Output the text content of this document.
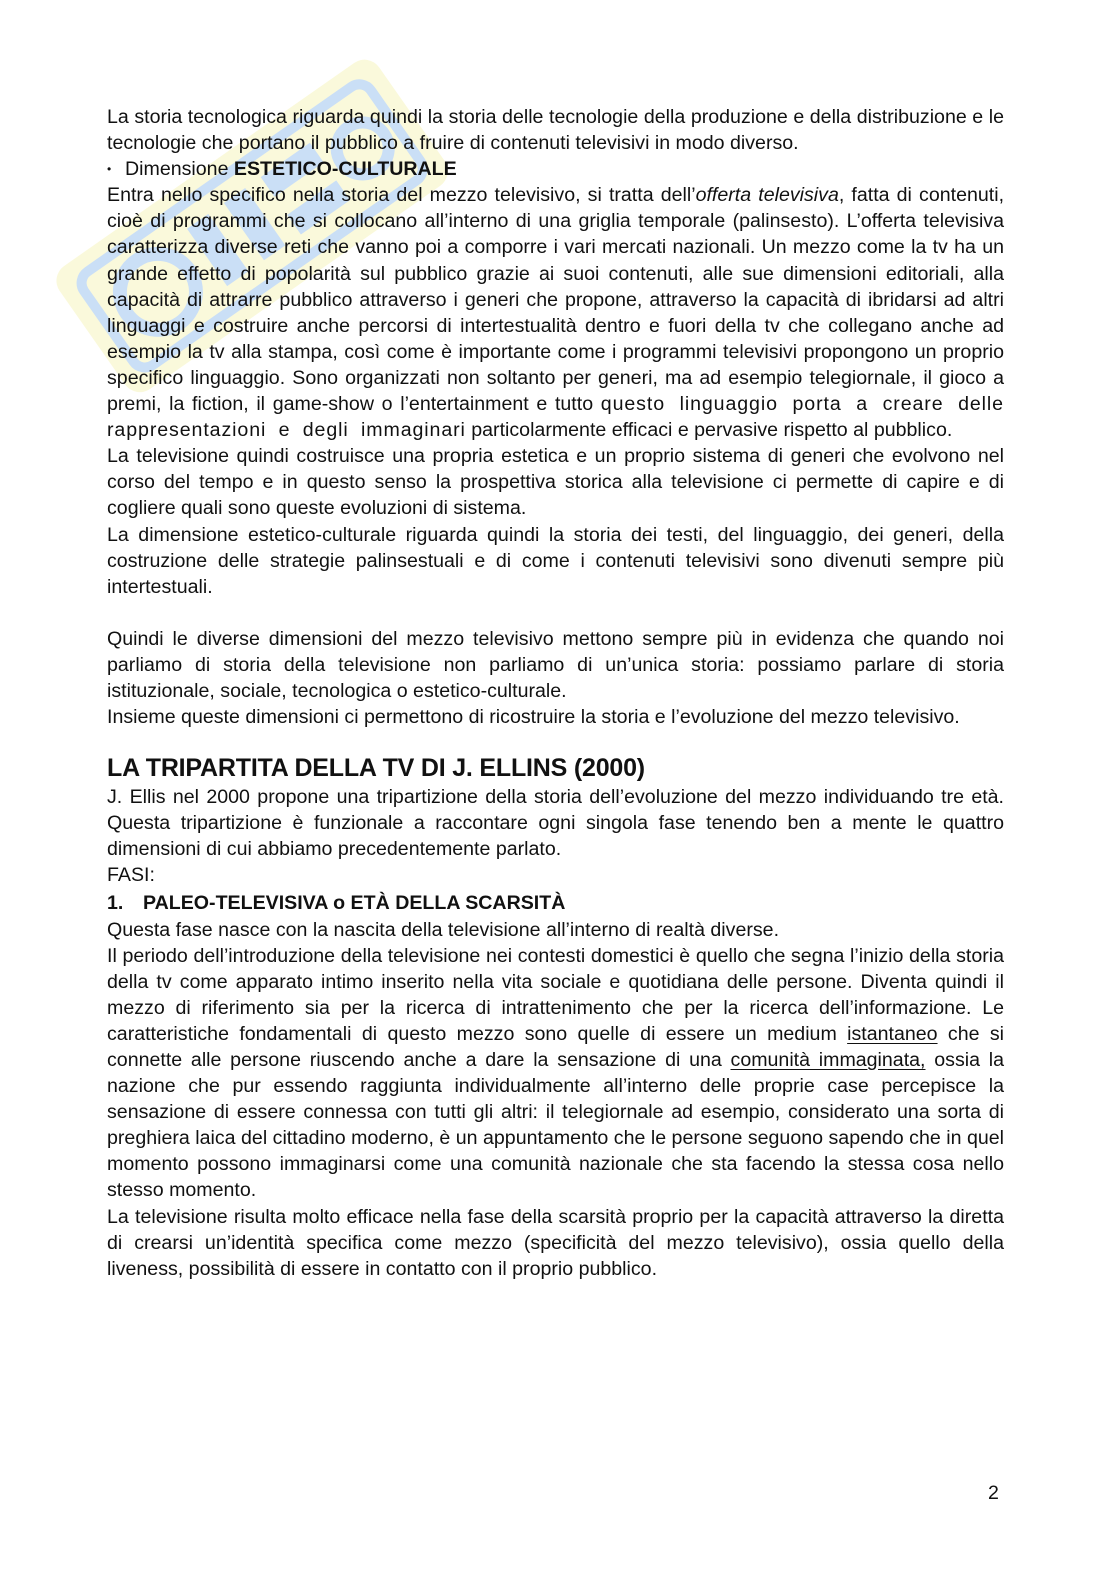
La storia tecnologica riguarda quindi la storia delle tecnologie della produzione e della distribuzione e le tecnologie che portano il pubblico a fruire di contenuti televisivi in modo diverso.

• Dimensione ESTETICO-CULTURALE

Entra nello specifico nella storia del mezzo televisivo, si tratta dell’offerta televisiva, fatta di contenuti, cioè di programmi che si collocano all’interno di una griglia temporale (palinsesto). L’offerta televisiva caratterizza diverse reti che vanno poi a comporre i vari mercati nazionali. Un mezzo come la tv ha un grande effetto di popolarità sul pubblico grazie ai suoi contenuti, alle sue dimensioni editoriali, alla capacità di attrarre pubblico attraverso i generi che propone, attraverso la capacità di ibridarsi ad altri linguaggi e costruire anche percorsi di intertestualità dentro e fuori della tv che collegano anche ad esempio la tv alla stampa, così come è importante come i programmi televisivi propongono un proprio specifico linguaggio. Sono organizzati non soltanto per generi, ma ad esempio telegiornale, il gioco a premi, la fiction, il game-show o l’entertainment e tutto questo linguaggio porta a creare delle rappresentazioni e degli immaginari particolarmente efficaci e pervasive rispetto al pubblico.

La televisione quindi costruisce una propria estetica e un proprio sistema di generi che evolvono nel corso del tempo e in questo senso la prospettiva storica alla televisione ci permette di capire e di cogliere quali sono queste evoluzioni di sistema.

La dimensione estetico-culturale riguarda quindi la storia dei testi, del linguaggio, dei generi, della costruzione delle strategie palinsestuali e di come i contenuti televisivi sono divenuti sempre più intertestuali.

Quindi le diverse dimensioni del mezzo televisivo mettono sempre più in evidenza che quando noi parliamo di storia della televisione non parliamo di un’unica storia: possiamo parlare di storia istituzionale, sociale, tecnologica o estetico-culturale.

Insieme queste dimensioni ci permettono di ricostruire la storia e l’evoluzione del mezzo televisivo.

LA TRIPARTITA DELLA TV DI J. ELLINS (2000)

J. Ellis nel 2000 propone una tripartizione della storia dell’evoluzione del mezzo individuando tre età. Questa tripartizione è funzionale a raccontare ogni singola fase tenendo ben a mente le quattro dimensioni di cui abbiamo precedentemente parlato.

FASI:

1. PALEO-TELEVISIVA o ETÀ DELLA SCARSITÀ

Questa fase nasce con la nascita della televisione all’interno di realtà diverse.

Il periodo dell’introduzione della televisione nei contesti domestici è quello che segna l’inizio della storia della tv come apparato intimo inserito nella vita sociale e quotidiana delle persone. Diventa quindi il mezzo di riferimento sia per la ricerca di intrattenimento che per la ricerca dell’informazione. Le caratteristiche fondamentali di questo mezzo sono quelle di essere un medium istantaneo che si connette alle persone riuscendo anche a dare la sensazione di una comunità immaginata, ossia la nazione che pur essendo raggiunta individualmente all’interno delle proprie case percepisce la sensazione di essere connessa con tutti gli altri: il telegiornale ad esempio, considerato una sorta di preghiera laica del cittadino moderno, è un appuntamento che le persone seguono sapendo che in quel momento possono immaginarsi come una comunità nazionale che sta facendo la stessa cosa nello stesso momento.

La televisione risulta molto efficace nella fase della scarsità proprio per la capacità attraverso la diretta di crearsi un’identità specifica come mezzo (specificità del mezzo televisivo), ossia quello della liveness, possibilità di essere in contatto con il proprio pubblico.

2
